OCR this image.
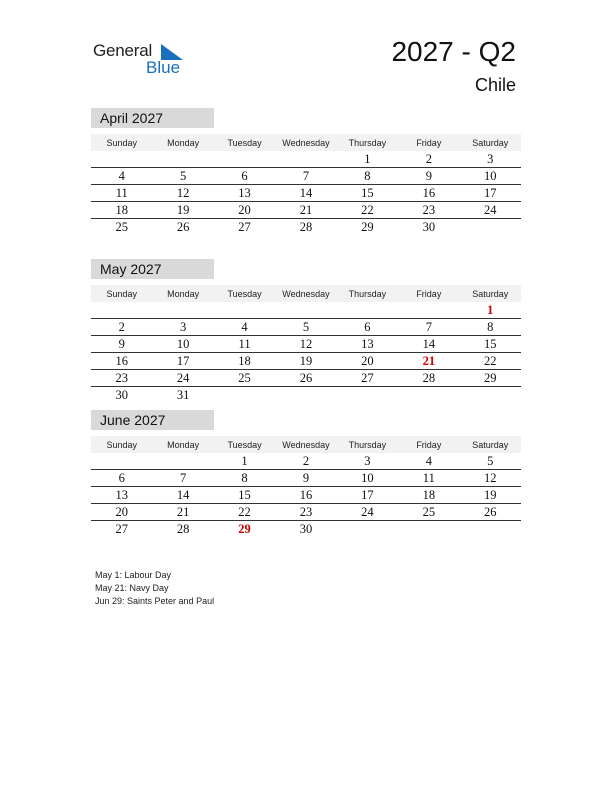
General
Blue
2027 - Q2
Chile
April 2027
Sunday	Monday	Tuesday	Wednesday	Thursday	Friday	Saturday
				1	2	3
4	5	6	7	8	9	10
11	12	13	14	15	16	17
18	19	20	21	22	23	24
25	26	27	28	29	30	
May 2027
Sunday	Monday	Tuesday	Wednesday	Thursday	Friday	Saturday
						1
2	3	4	5	6	7	8
9	10	11	12	13	14	15
16	17	18	19	20	21	22
23	24	25	26	27	28	29
30	31					
June 2027
Sunday	Monday	Tuesday	Wednesday	Thursday	Friday	Saturday
		1	2	3	4	5
6	7	8	9	10	11	12
13	14	15	16	17	18	19
20	21	22	23	24	25	26
27	28	29	30			
May 1: Labour Day
May 21: Navy Day
Jun 29: Saints Peter and Paul
